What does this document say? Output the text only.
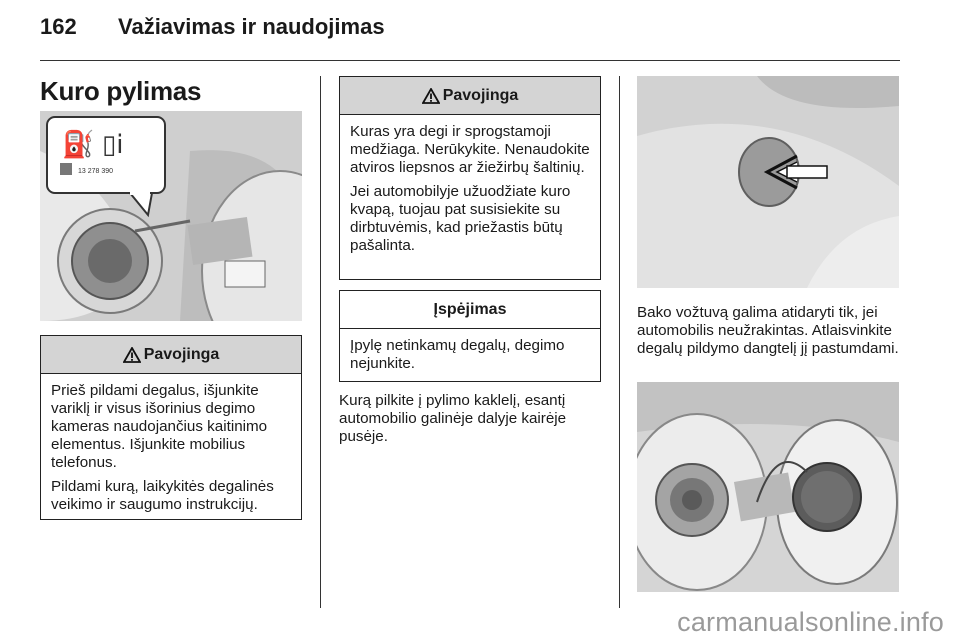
162 Važiavimas ir naudojimas
Kuro pylimas
⛽ ▯i
13 278 390
Pavojinga

Prieš pildami degalus, išjunkite variklį ir visus išorinius degimo kameras naudojančius kaitinimo elementus. Išjunkite mobilius telefonus.

Pildami kurą, laikykitės degalinės veikimo ir saugumo instrukcijų.

Pavojinga

Kuras yra degi ir sprogstamoji medžiaga. Nerūkykite. Nenaudokite atviros liepsnos ar žiežirbų šaltinių.

Jei automobilyje užuodžiate kuro kvapą, tuojau pat susisiekite su dirbtuvėmis, kad priežastis būtų pašalinta.

Įspėjimas

Įpylę netinkamų degalų, degimo nejunkite.

Kurą pilkite į pylimo kaklelį, esantį automobilio galinėje dalyje kairėje pusėje.
Bako vožtuvą galima atidaryti tik, jei automobilis neužrakintas. Atlaisvinkite degalų pildymo dangtelį jį pastumdami.
carmanualsonline.info
